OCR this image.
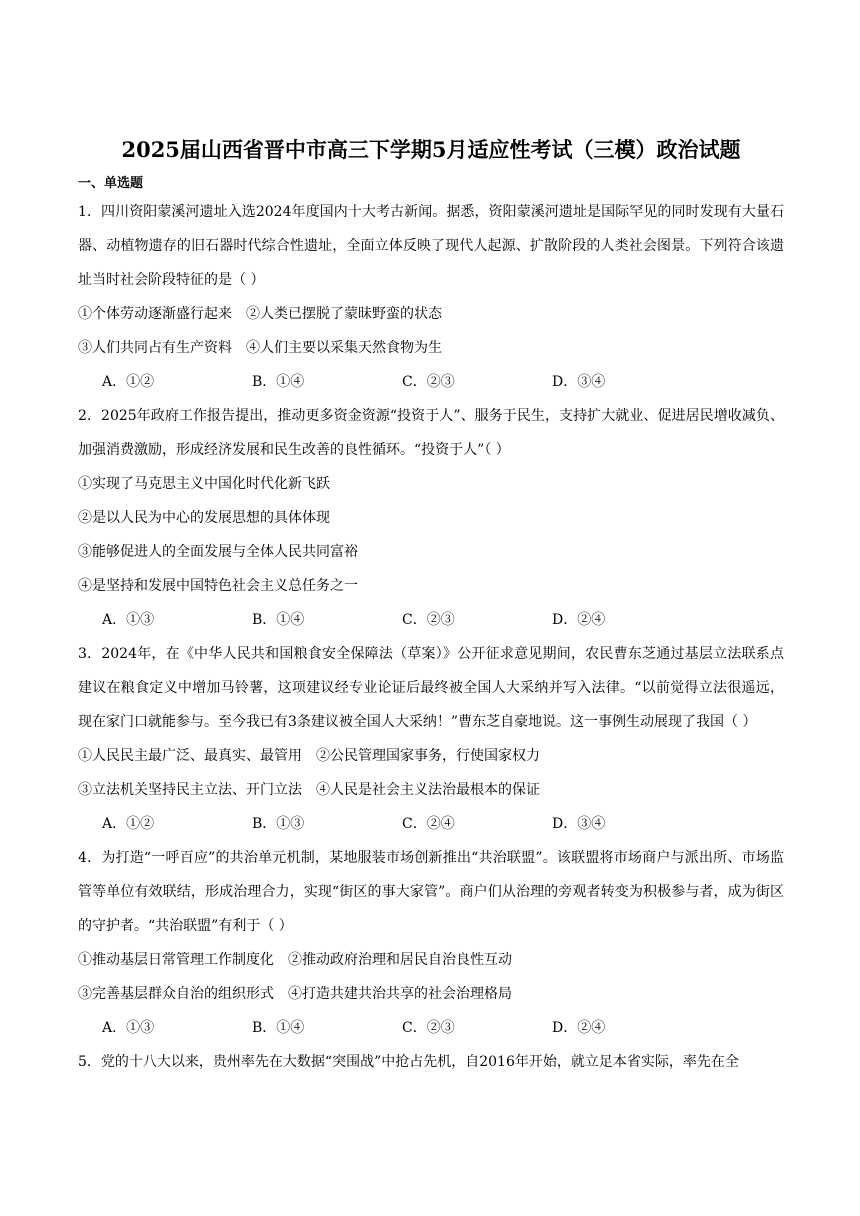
2025届山西省晋中市高三下学期5月适应性考试（三模）政治试题
一、单选题

1．四川资阳蒙溪河遗址入选2024年度国内十大考古新闻。据悉，资阳蒙溪河遗址是国际罕见的同时发现有大量石器、动植物遗存的旧石器时代综合性遗址，全面立体反映了现代人起源、扩散阶段的人类社会图景。下列符合该遗址当时社会阶段特征的是（ ）

①个体劳动逐渐盛行起来 ②人类已摆脱了蒙昧野蛮的状态

③人们共同占有生产资料 ④人们主要以采集天然食物为生

A．①②	B．①④	C．②③	D．③④

2．2025年政府工作报告提出，推动更多资金资源“投资于人”、服务于民生，支持扩大就业、促进居民增收减负、加强消费激励，形成经济发展和民生改善的良性循环。“投资于人”（ ）

①实现了马克思主义中国化时代化新飞跃

②是以人民为中心的发展思想的具体体现

③能够促进人的全面发展与全体人民共同富裕

④是坚持和发展中国特色社会主义总任务之一

A．①③	B．①④	C．②③	D．②④

3．2024年，在《中华人民共和国粮食安全保障法（草案）》公开征求意见期间，农民曹东芝通过基层立法联系点建议在粮食定义中增加马铃薯，这项建议经专业论证后最终被全国人大采纳并写入法律。“以前觉得立法很遥远，现在家门口就能参与。至今我已有3条建议被全国人大采纳！”曹东芝自豪地说。这一事例生动展现了我国（ ）

①人民民主最广泛、最真实、最管用 ②公民管理国家事务，行使国家权力

③立法机关坚持民主立法、开门立法 ④人民是社会主义法治最根本的保证

A．①②	B．①③	C．②④	D．③④

4．为打造“一呼百应”的共治单元机制，某地服装市场创新推出“共治联盟”。该联盟将市场商户与派出所、市场监管等单位有效联结，形成治理合力，实现“街区的事大家管”。商户们从治理的旁观者转变为积极参与者，成为街区的守护者。“共治联盟”有利于（ ）

①推动基层日常管理工作制度化 ②推动政府治理和居民自治良性互动

③完善基层群众自治的组织形式 ④打造共建共治共享的社会治理格局

A．①③	B．①④	C．②③	D．②④

5．党的十八大以来，贵州率先在大数据“突围战”中抢占先机，自2016年开始，就立足本省实际，率先在全
